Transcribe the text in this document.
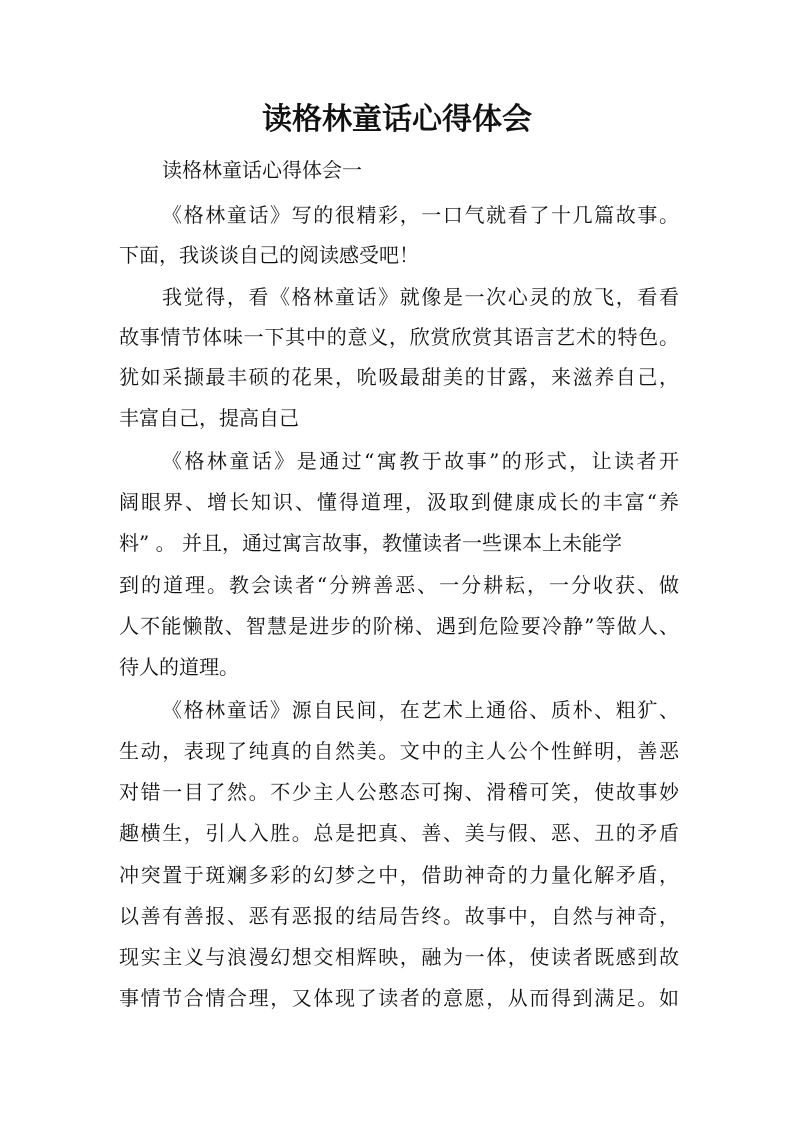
读格林童话心得体会

读格林童话心得体会一

《格林童话》写的很精彩，一口气就看了十几篇故事。

下面，我谈谈自己的阅读感受吧！

我觉得，看《格林童话》就像是一次心灵的放飞，看看

故事情节体味一下其中的意义，欣赏欣赏其语言艺术的特色。

犹如采撷最丰硕的花果，吮吸最甜美的甘露，来滋养自己，

丰富自己，提高自己

《格林童话》是通过“寓教于故事”的形式，让读者开

阔眼界、增长知识、懂得道理，汲取到健康成长的丰富“养

料” 。 并且，通过寓言故事，教懂读者一些课本上未能学

到的道理。教会读者“分辨善恶、一分耕耘，一分收获、做

人不能懒散、智慧是进步的阶梯、遇到危险要冷静”等做人、

待人的道理。

《格林童话》源自民间，在艺术上通俗、质朴、粗犷、

生动，表现了纯真的自然美。文中的主人公个性鲜明，善恶

对错一目了然。不少主人公憨态可掬、滑稽可笑，使故事妙

趣横生，引人入胜。总是把真、善、美与假、恶、丑的矛盾

冲突置于斑斓多彩的幻梦之中，借助神奇的力量化解矛盾，

以善有善报、恶有恶报的结局告终。故事中，自然与神奇，

现实主义与浪漫幻想交相辉映，融为一体，使读者既感到故

事情节合情合理，又体现了读者的意愿，从而得到满足。如
